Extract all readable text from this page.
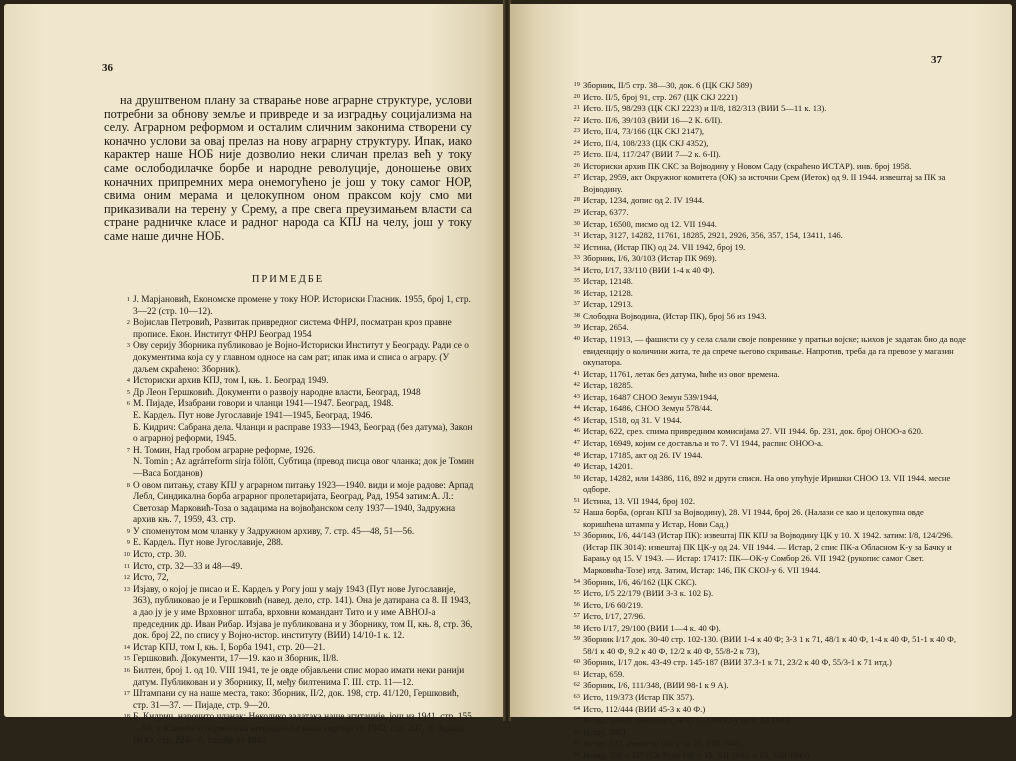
36

на друштвеном плану за стварање нове аграрне структуре, услови потребни за обнову земље и привреде и за изградњу социјализма на селу. Аграрном реформом и осталим сличним законима створени су коначно услови за овај прелаз на нову аграрну структуру. Ипак, иако карактер наше НОБ није дозволио неки сличан прелаз већ у току саме ослободилачке борбе и народне револуције, доношење ових коначних припремних мера онемогућено је још у току самог НОР, свима оним мерама и целокупном оном праксом коју смо ми приказивали на терену у Срему, а пре свега преузимањем власти са стране радничке класе и радног народа са КПЈ на челу, још у току саме наше дичне НОБ.

ПРИМЕДБЕ
1 Ј. Марјановић, Економске промене у току НОР. Историски Гласник. 1955, број 1, стр. 3—22 (стр. 10—12).
2 Војислав Петровић, Развитак привредног система ФНРЈ, посматран кроз правне прописе. Екон. Институт ФНРЈ Београд 1954
3 Ову серију Зборника публиковао је Војно-Историски Институт у Београду. Ради се о документима која су у главном односе на сам рат; ипак има и списа о аграру. (У даљем скраћено: Зборник).
4 Историски архив КПЈ, том I, књ. 1. Београд 1949.
5 Др Леон Гершковић. Документи о развоју народне власти, Београд, 1948
6 М. Пијаде, Изабрани говори и чланци 1941—1947. Београд, 1948.
Е. Кардељ. Пут нове Југославије 1941—1945, Београд, 1946.
Б. Кидрич: Сабрана дела. Чланци и расправе 1933—1943, Београд (без датума), Закон о аграрној реформи, 1945.
7 Н. Томин, Над гробом аграрне реформе, 1926.
N. Tomin ; Az agrárreform sírja fölött, Субтица (превод писца овог чланка; док је Томин—Васа Богданов)
8 О овом питању, ставу КПЈ у аграрном питању 1923—1940. види и моје радове: Арпад Лебл, Синдикална борба аграрног пролетаријата, Београд, Рад, 1954 затим:А. Л.: Светозар Марковић-Тоза о задацима на војвођанском селу 1937—1940, Задружна архив књ. 7, 1959, 43. стр.
9 У споменутом мом чланку у Задружном архиву, 7. стр. 45—48, 51—56.
9 Е. Кардељ. Пут нове Југославије, 288.
10 Исто, стр. 30.
11 Исто, стр. 32—33 и 48—49.
12 Исто, 72,
13 Изјаву, о којој је писао и Е. Кардељ у Рогу још у мају 1943 (Пут нове Југославије, 363), публиковао је и Гершковић (навед. дело, стр. 141). Она је датирана са 8. II 1943, а дао ју је у име Врховног штаба, врховни командант Тито и у име AВНОЈ-а председник др. Иван Рибар. Изјава је публикована и у Зборнику, том II, књ. 8, стр. 36, док. број 22, по спису у Војно-истор. институту (ВИИ) 14/10-1 к. 12.
14 Истар КПЈ, том I, књ. I, Борба 1941, стр. 20—21.
15 Гершковић. Документи, 17—19. као и Зборник, II/8.
16 Билтен, број 1. од 10. VIII 1941, те је овде објављени спис морао имати неки ранији датум. Публикован и у Зборнику, II, међу билтенима Г. Ш. стр. 11—12.
17 Штампани су на наше места, тако: Зборник, II/2, док. 198, стр. 41/120, Гершковић, стр. 31—37. — Пијаде, стр. 9—20.
18 Б. Кидрич, нарочито чланак: Неколико задатака наше агитације, још из 1941. стр. 155—56, и Клевете и подметања непријатеља наше партије из 1942, стр. 207, те Задаци НОО, стр. 224—5, такође из 1942.
37
19 Зборник, II/5 стр. 38—30, док. 6 (ЦК СКЈ 589)
20 Исто. II/5, број 91, стр. 267 (ЦК СКЈ 2221)
21 Исто. II/5, 98/293 (ЦК СКЈ 2223) и II/8, 182/313 (ВИИ 5—11 к. 13).
22 Исто. II/6, 39/103 (ВИИ 16—2 К. 6/II).
23 Исто, II/4, 73/166 (ЦК СКЈ 2147),
24 Исто, II/4, 108/233 (ЦК СКЈ 4352),
25 Исто. II/4, 117/247 (ВИИ 7—2 к. 6-II).
26 Историски архив ПК СКС за Војводину у Новом Саду (скраћено ИСТАР). инв. број 1958.
27 Истар, 2959, акт Окружног комитета (ОК) за источни Срем (Иеток) од 9. II 1944. извештај за ПК за Војводину.
28 Истар, 1234, допис од 2. IV 1944.
29 Истар, 6377.
30 Истар, 16500, писмо од 12. VII 1944.
31 Истар, 3127, 14282, 11761, 18285, 2921, 2926, 356, 357, 154, 13411, 146.
32 Истина, (Истар ПК) од 24. VII 1942, број 19.
33 Зборник, I/6, 30/103 (Истар ПК 969).
34 Исто, I/17, 33/110 (ВИИ 1-4 к 40 Ф).
35 Истар, 12148.
36 Истар, 12128.
37 Истар, 12913.
38 Слободна Војводина, (Истар ПК), број 56 из 1943.
39 Истар, 2654.
40 Истар, 11913, — фашисти су у села слали своје повренике у пратњи војске; њихов је задатак био да воде евиденцију о количини жита, те да спрече његово скривање. Напротив, треба да га превозе у магазин окупатора.
41 Истар, 11761, летак без датума, ћиће из овог времена.
42 Истар, 18285.
43 Истар, 16487 СНОО Земун 539/1944,
44 Истар, 16486, СНОО Земун 578/44.
45 Истар, 1518, од 31. V 1944.
46 Истар, 622, срез. спима привредним комисијама 27. VII 1944. бр. 231, док. број ОНОО-а 620.
47 Истар, 16949, којим се доставља и то 7. VI 1944, распис ОНОО-а.
48 Истар, 17185, акт од 26. IV 1944.
49 Истар, 14201.
50 Истар, 14282, или 14386, 116, 892 и други списи. На ово упућује Иришки СНОО 13. VII 1944. месне одборе.
51 Истина, 13. VII 1944, број 102.
52 Наша борба, (орган КПЈ за Војводину), 28. VI 1944, број 26. (Налази се као и целокупна овде коришћена штампа у Истар, Нови Сад.)
53 Зборник, I/6, 44/143 (Истар ПК): извештај ПК КПЈ за Војводину ЦК у 10. X 1942. затим: I/8, 124/296. (Истар ПК 3014): извештај ПК ЦК-у од 24. VII 1944. — Истар, 2 спис ПК-а Обласном К-у за Бачку и Барању од 15. V 1943. — Истар: 17417: ПК—ОК-у Сомбор 26. VII 1942 (рукопис самог Свет. Марковића-Тозе) итд. Затим, Истар: 146, ПК СКОЈ-у 6. VII 1944.
54 Зборник, I/6, 46/162 (ЦК СКС).
55 Исто, I/5 22/179 (ВИИ 3-3 к. 102 Б).
56 Исто, I/6 60/219.
57 Исто, I/17, 27/96.
58 Исто I/17, 29/100 (ВИИ 1—4 к. 40 Ф).
59 Зборник I/17 док. 30-40 стр. 102-130. (ВИИ 1-4 к 40 Ф; 3-3 1 к 71, 48/1 к 40 Ф, 1-4 к 40 Ф, 51-1 к 40 Ф, 58/1 к 40 Ф, 9.2 к 40 Ф, 12/2 к 40 Ф, 55/8-2 к 73),
60 Зборник, I/17 док. 43-49 стр. 145-187 (ВИИ 37.3-1 к 71, 23/2 к 40 Ф, 55/3-1 к 71 итд.)
61 Истар, 659.
62 Зборник, I/6, 111/348, (ВИИ 98-1 к 9 А).
63 Исто, 119/373 (Истар ПК 357).
64 Исто, 112/444 (ВИИ 45-3 к 40 Ф.)
65 Истар, 10806, извештај СНОО — ОНОО-у од 4. XI 1943.
66 Истар, 2921.
67 Истар, 137, извештај ОК-у од 26. VIII 1943.
68 Истар, 356 и 357 (СК Рума ОК-у 15. VII 1943. и 15. VIII 1943).
